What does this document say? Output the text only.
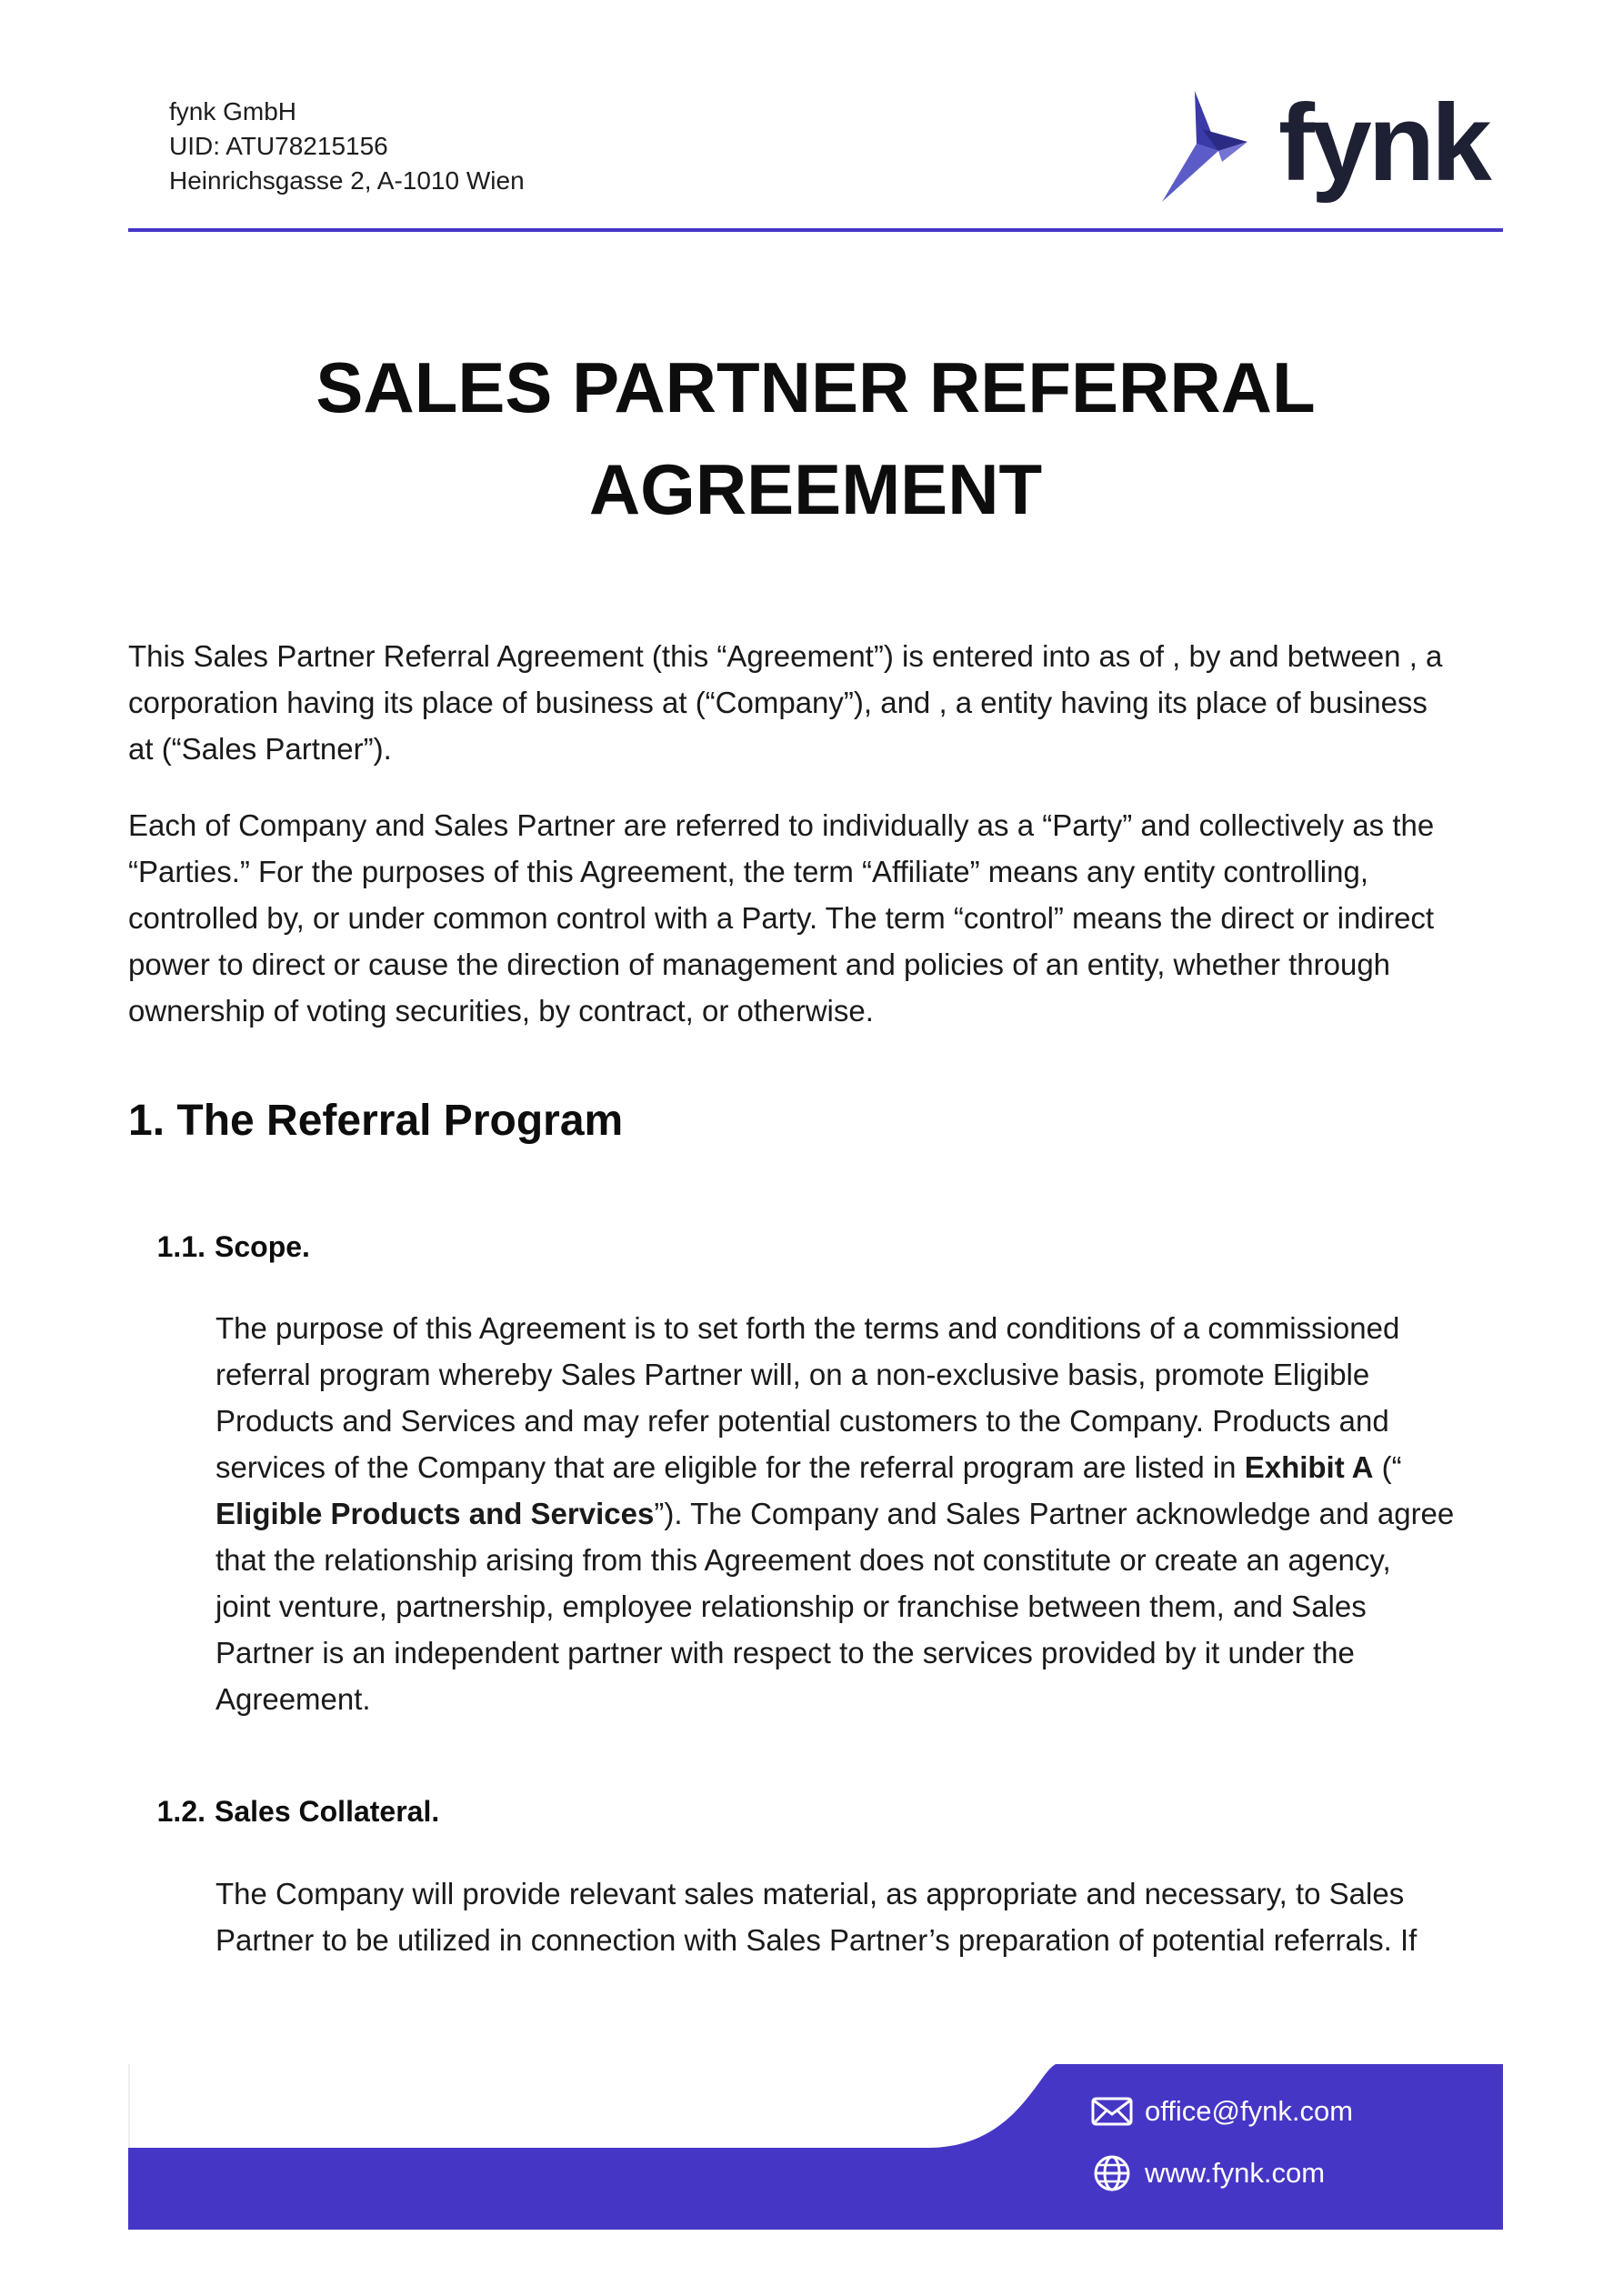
fynk GmbH
UID: ATU78215156
Heinrichsgasse 2, A-1010 Wien	fynk
SALES PARTNER REFERRAL
AGREEMENT
This Sales Partner Referral Agreement (this “Agreement”) is entered into as of , by and between , a
corporation having its place of business at (“Company”), and , a entity having its place of business
at (“Sales Partner”).
Each of Company and Sales Partner are referred to individually as a “Party” and collectively as the
“Parties.” For the purposes of this Agreement, the term “Affiliate” means any entity controlling,
controlled by, or under common control with a Party. The term “control” means the direct or indirect
power to direct or cause the direction of management and policies of an entity, whether through
ownership of voting securities, by contract, or otherwise.
1. The Referral Program
1.1. Scope.
The purpose of this Agreement is to set forth the terms and conditions of a commissioned
referral program whereby Sales Partner will, on a non-exclusive basis, promote Eligible
Products and Services and may refer potential customers to the Company. Products and
services of the Company that are eligible for the referral program are listed in Exhibit A (“
Eligible Products and Services”). The Company and Sales Partner acknowledge and agree
that the relationship arising from this Agreement does not constitute or create an agency,
joint venture, partnership, employee relationship or franchise between them, and Sales
Partner is an independent partner with respect to the services provided by it under the
Agreement.
1.2. Sales Collateral.
The Company will provide relevant sales material, as appropriate and necessary, to Sales
Partner to be utilized in connection with Sales Partner’s preparation of potential referrals. If
office@fynk.com
www.fynk.com
